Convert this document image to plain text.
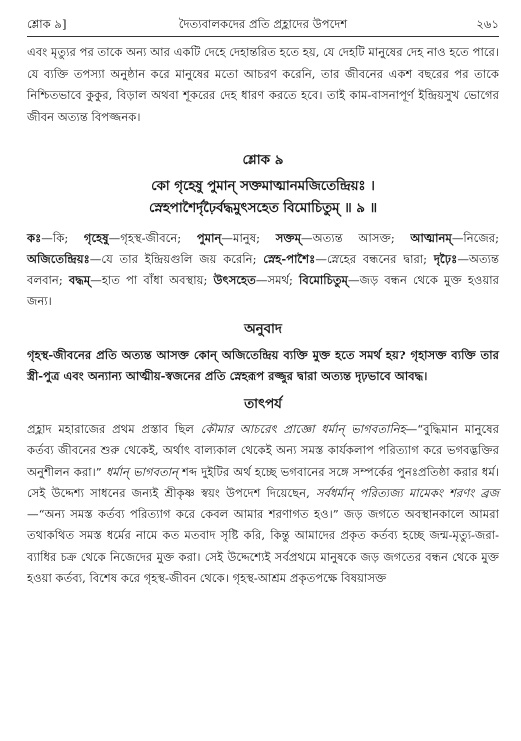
শ্লোক ৯]	দৈত্যবালকদের প্রতি প্রহ্লাদের উপদেশ	২৬১

এবং মৃত্যুর পর তাকে অন্য আর একটি দেহে দেহান্তরিত হতে হয়, যে দেহটি মানুষের দেহ নাও হতে পারে। যে ব্যক্তি তপস্যা অনুষ্ঠান করে মানুষের মতো আচরণ করেনি, তার জীবনের একশ বছরের পর তাকে নিশ্চিতভাবে কুকুর, বিড়াল অথবা শূকরের দেহ ধারণ করতে হবে। তাই কাম-বাসনাপূর্ণ ইন্দ্রিয়সুখ ভোগের জীবন অত্যন্ত বিপজ্জনক।

শ্লোক ৯
কো গৃহেষু পুমান্ সক্তমাত্মানমজিতেন্দ্রিয়ঃ ।
স্নেহপাশৈর্দৃঢ়ৈর্বদ্ধমুৎসহেত বিমোচিতুম্ ॥ ৯ ॥

কঃ—কি; গৃহেষু—গৃহস্থ-জীবনে; পুমান্—মানুষ; সক্তম্—অত্যন্ত আসক্ত; আত্মানম্—নিজের; অজিতেন্দ্রিয়ঃ—যে তার ইন্দ্রিয়গুলি জয় করেনি; স্নেহ-পাশৈঃ—স্নেহের বন্ধনের দ্বারা; দৃঢ়ৈঃ—অত্যন্ত বলবান; বদ্ধম্—হাত পা বাঁধা অবস্থায়; উৎসহেত—সমর্থ; বিমোচিতুম্—জড় বন্ধন থেকে মুক্ত হওয়ার জন্য।

অনুবাদ

গৃহস্থ-জীবনের প্রতি অত্যন্ত আসক্ত কোন্ অজিতেন্দ্রিয় ব্যক্তি মুক্ত হতে সমর্থ হয়? গৃহাসক্ত ব্যক্তি তার স্ত্রী-পুত্র এবং অন্যান্য আত্মীয়-স্বজনের প্রতি স্নেহরূপ রজ্জুর দ্বারা অত্যন্ত দৃঢ়ভাবে আবদ্ধ।

তাৎপর্য

প্রহ্লাদ মহারাজের প্রথম প্রস্তাব ছিল কৌমার আচরেৎ প্রাজ্ঞো ধর্মান্ ভাগবতানিহ—“বুদ্ধিমান মানুষের কর্তব্য জীবনের শুরু থেকেই, অর্থাৎ বাল্যকাল থেকেই অন্য সমস্ত কার্যকলাপ পরিত্যাগ করে ভগবদ্ভক্তির অনুশীলন করা।” ধর্মান্ ভাগবতান্ শব্দ দুইটির অর্থ হচ্ছে ভগবানের সঙ্গে সম্পর্কের পুনঃপ্রতিষ্ঠা করার ধর্ম। সেই উদ্দেশ্য সাধনের জন্যই শ্রীকৃষ্ণ স্বয়ং উপদেশ দিয়েছেন, সর্বধর্মান্ পরিত্যজ্য মামেকং শরণং ব্রজ—“অন্য সমস্ত কর্তব্য পরিত্যাগ করে কেবল আমার শরণাগত হও।” জড় জগতে অবস্থানকালে আমরা তথাকথিত সমস্ত ধর্মের নামে কত মতবাদ সৃষ্টি করি, কিন্তু আমাদের প্রকৃত কর্তব্য হচ্ছে জন্ম-মৃত্যু-জরা-ব্যাধির চক্র থেকে নিজেদের মুক্ত করা। সেই উদ্দেশ্যেই সর্বপ্রথমে মানুষকে জড় জগতের বন্ধন থেকে মুক্ত হওয়া কর্তব্য, বিশেষ করে গৃহস্থ-জীবন থেকে। গৃহস্থ-আশ্রম প্রকৃতপক্ষে বিষয়াসক্ত
